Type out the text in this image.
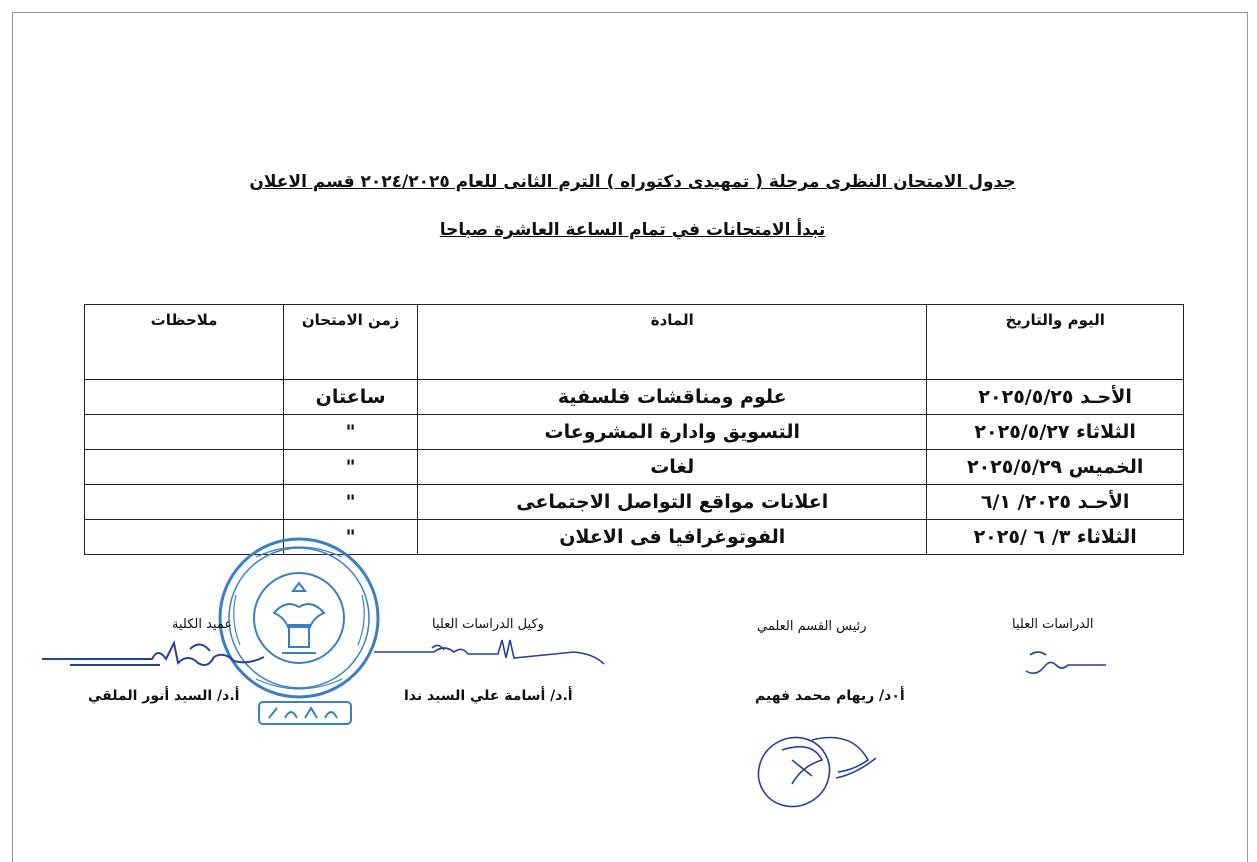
جدول الامتحان النظرى مرحلة ( تمهيدى دكتوراه ) الترم الثانى للعام ٢٠٢٤/٢٠٢٥ قسم الاعلان
تبدأ الامتحانات في تمام الساعة العاشرة صباحا
اليوم والتاريخ	المادة	زمن الامتحان	ملاحظات
الأحـد ٢٠٢٥/٥/٢٥	علوم ومناقشات فلسفية	ساعتان	
الثلاثاء ٢٠٢٥/٥/٢٧	التسويق وادارة المشروعات	"	
الخميس ٢٠٢٥/٥/٢٩	لغات	"	
الأحـد ٢٠٢٥/ ٦/١	اعلانات مواقع التواصل الاجتماعى	"	
الثلاثاء ٣/ ٦ /٢٠٢٥	الفوتوغرافيا فى الاعلان	"	
الدراسات العليا
رئيس القسم العلمي
أ٠د/ ريهام محمد فهيم
وكيل الدراسات العليا
أ.د/ أسامة علي السيد ندا
عميد الكلية
أ.د/ السيد أنور الملقي
